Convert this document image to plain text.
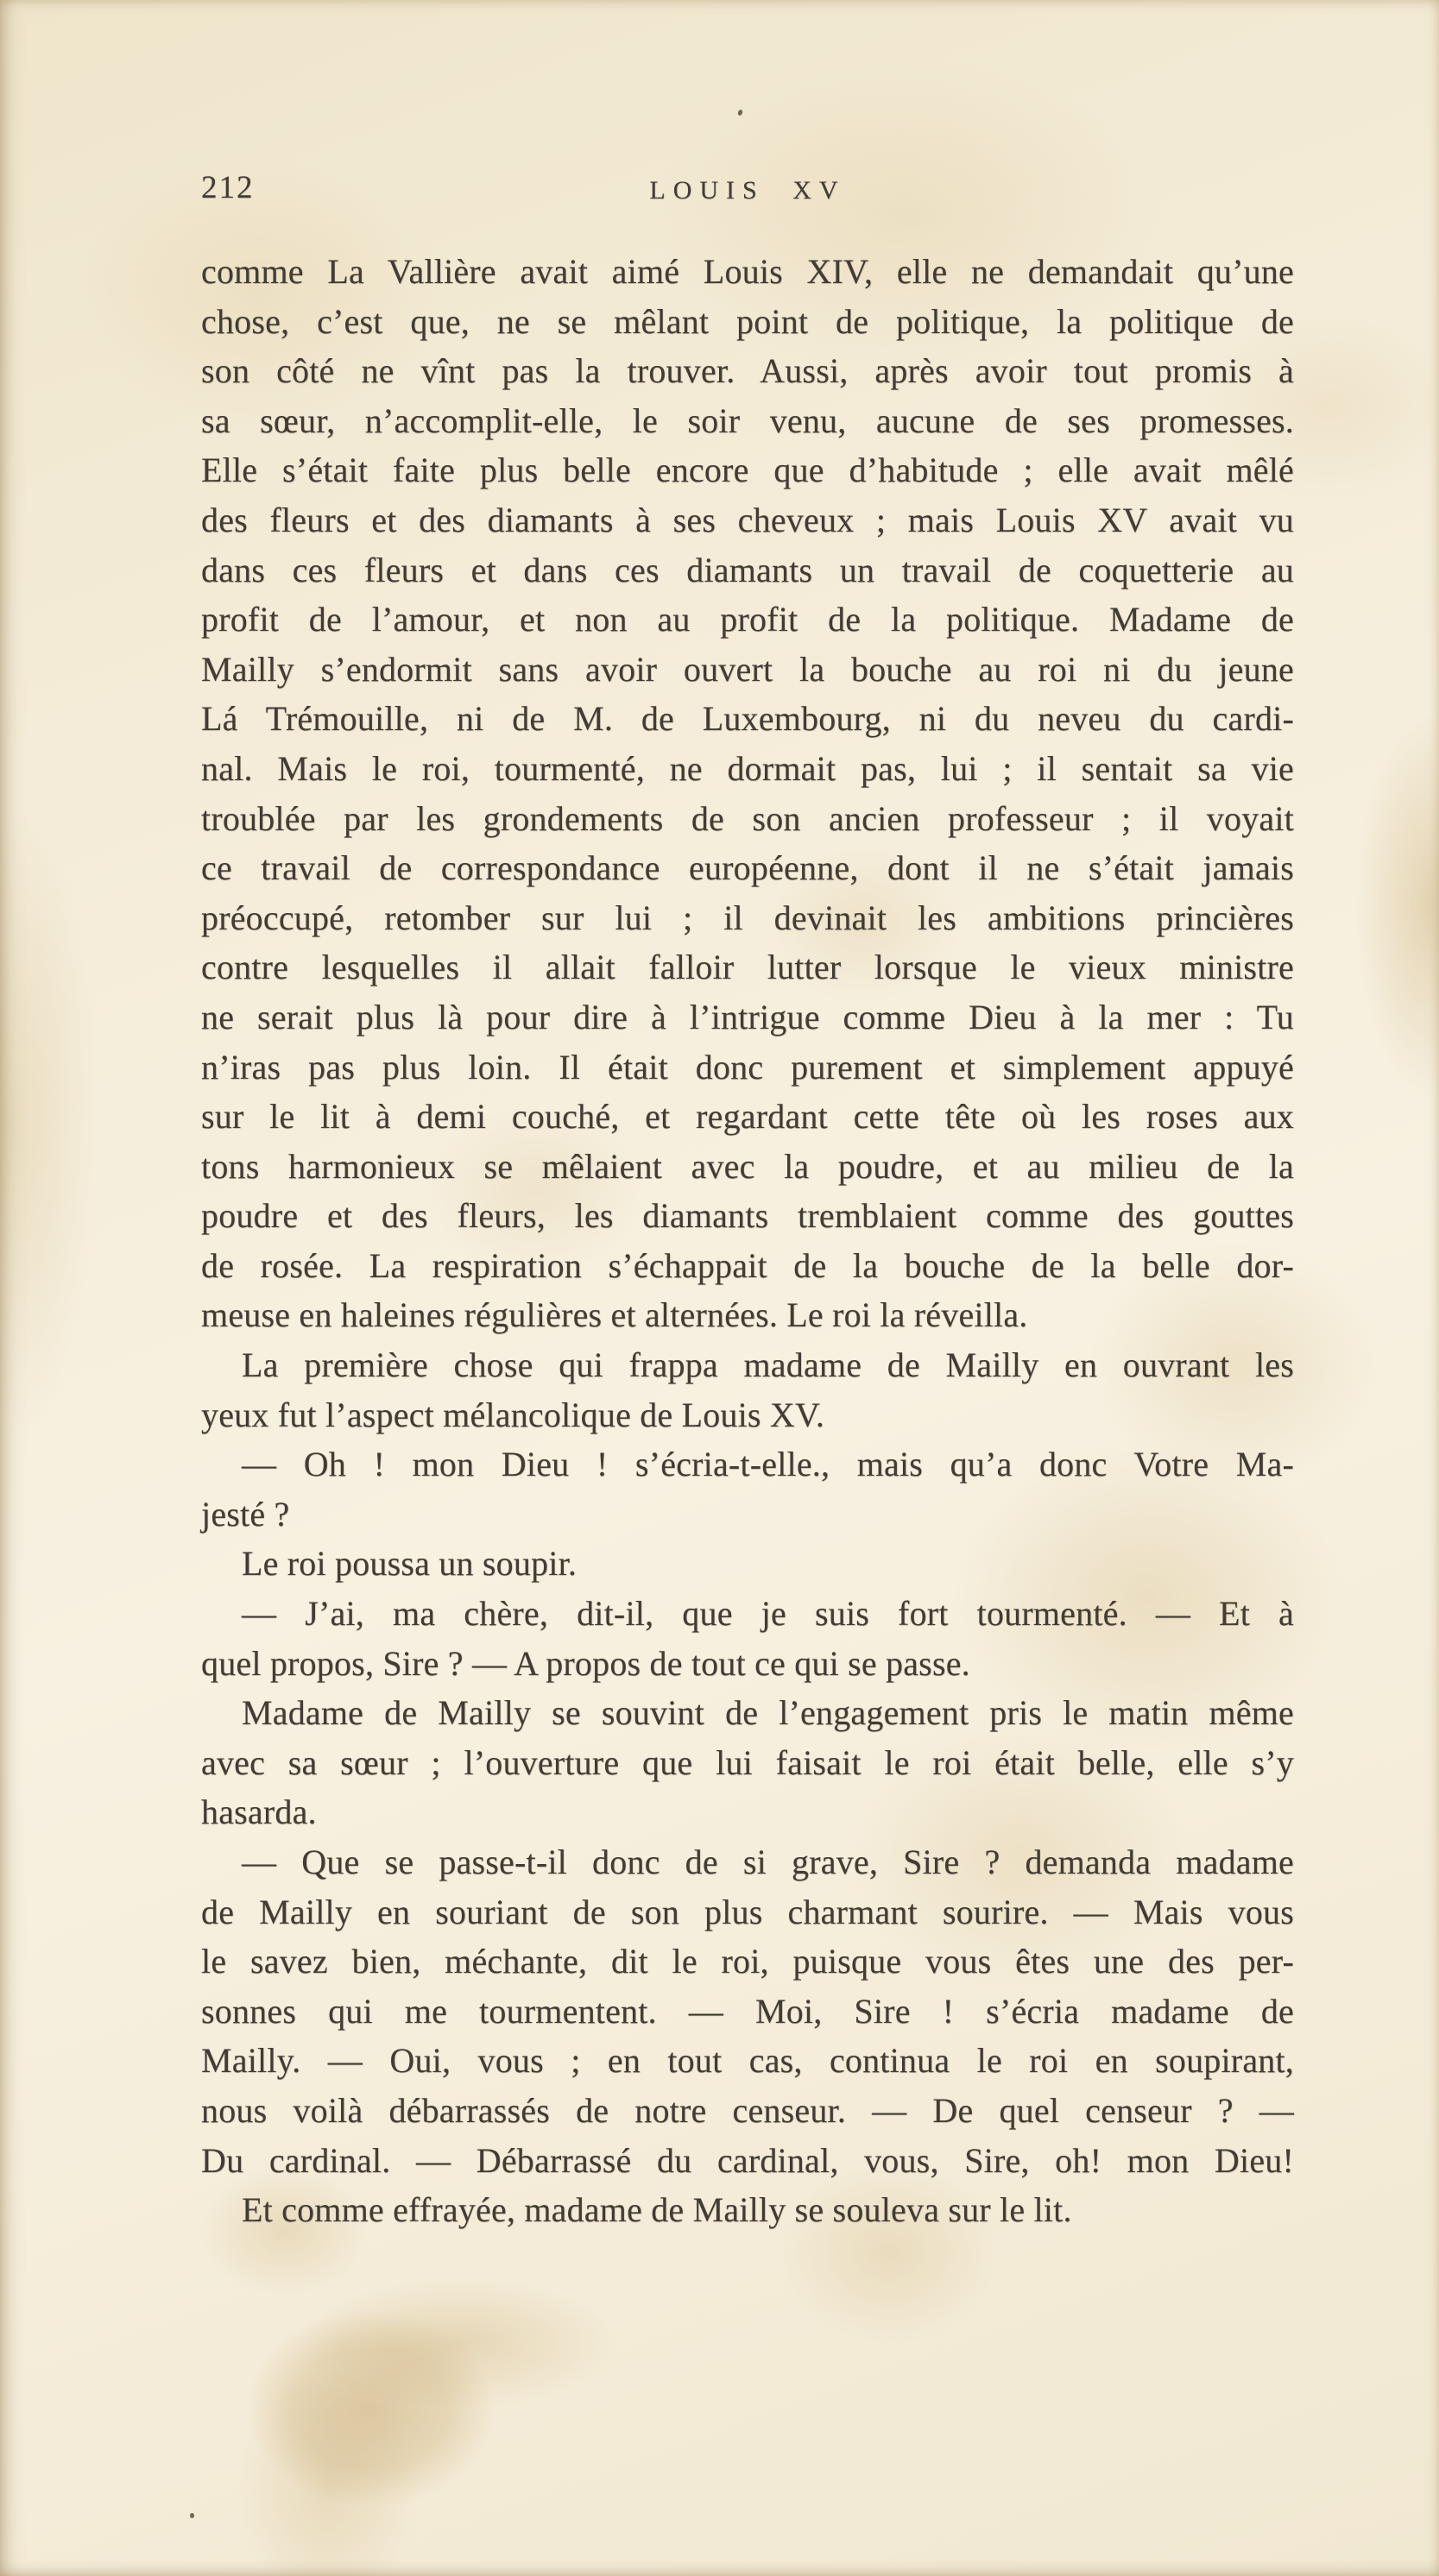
212	LOUIS XV
comme La Vallière avait aimé Louis XIV, elle ne demandait qu’une
chose, c’est que, ne se mêlant point de politique, la politique de
son côté ne vînt pas la trouver. Aussi, après avoir tout promis à
sa sœur, n’accomplit-elle, le soir venu, aucune de ses promesses.
Elle s’était faite plus belle encore que d’habitude ; elle avait mêlé
des fleurs et des diamants à ses cheveux ; mais Louis XV avait vu
dans ces fleurs et dans ces diamants un travail de coquetterie au
profit de l’amour, et non au profit de la politique. Madame de
Mailly s’endormit sans avoir ouvert la bouche au roi ni du jeune
Lá Trémouille, ni de M. de Luxembourg, ni du neveu du cardi-
nal. Mais le roi, tourmenté, ne dormait pas, lui ; il sentait sa vie
troublée par les grondements de son ancien professeur ; il voyait
ce travail de correspondance européenne, dont il ne s’était jamais
préoccupé, retomber sur lui ; il devinait les ambitions princières
contre lesquelles il allait falloir lutter lorsque le vieux ministre
ne serait plus là pour dire à l’intrigue comme Dieu à la mer : Tu
n’iras pas plus loin. Il était donc purement et simplement appuyé
sur le lit à demi couché, et regardant cette tête où les roses aux
tons harmonieux se mêlaient avec la poudre, et au milieu de la
poudre et des fleurs, les diamants tremblaient comme des gouttes
de rosée. La respiration s’échappait de la bouche de la belle dor-
meuse en haleines régulières et alternées. Le roi la réveilla.
La première chose qui frappa madame de Mailly en ouvrant les
yeux fut l’aspect mélancolique de Louis XV.
— Oh ! mon Dieu ! s’écria-t-elle., mais qu’a donc Votre Ma-
jesté ?
Le roi poussa un soupir.
— J’ai, ma chère, dit-il, que je suis fort tourmenté. — Et à
quel propos, Sire ? — A propos de tout ce qui se passe.
Madame de Mailly se souvint de l’engagement pris le matin même
avec sa sœur ; l’ouverture que lui faisait le roi était belle, elle s’y
hasarda.
— Que se passe-t-il donc de si grave, Sire ? demanda madame
de Mailly en souriant de son plus charmant sourire. — Mais vous
le savez bien, méchante, dit le roi, puisque vous êtes une des per-
sonnes qui me tourmentent. — Moi, Sire ! s’écria madame de
Mailly. — Oui, vous ; en tout cas, continua le roi en soupirant,
nous voilà débarrassés de notre censeur. — De quel censeur ? —
Du cardinal. — Débarrassé du cardinal, vous, Sire, oh! mon Dieu!
Et comme effrayée, madame de Mailly se souleva sur le lit.
